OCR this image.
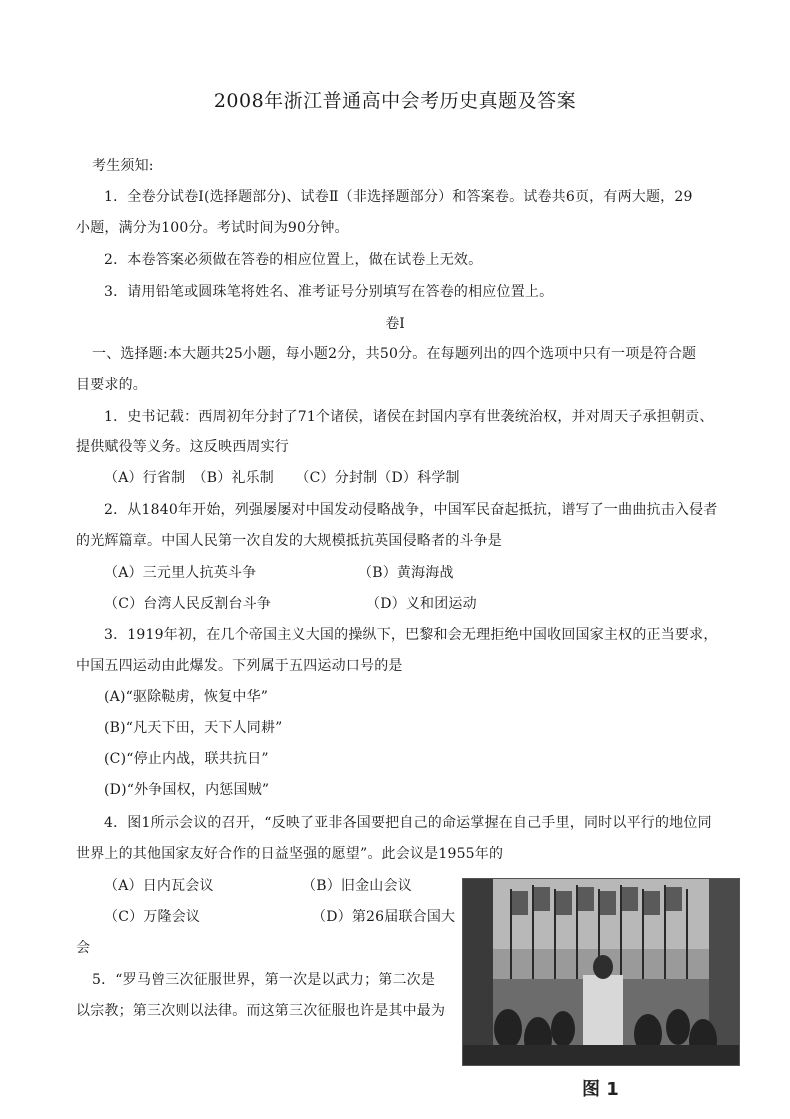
2008年浙江普通高中会考历史真题及答案
考生须知:
1．全卷分试卷Ⅰ(选择题部分)、试卷Ⅱ（非选择题部分）和答案卷。试卷共6页，有两大题，29
小题，满分为100分。考试时间为90分钟。
2．本卷答案必须做在答卷的相应位置上，做在试卷上无效。
3．请用铅笔或圆珠笔将姓名、准考证号分别填写在答卷的相应位置上。
卷Ⅰ
一、选择题:本大题共25小题，每小题2分，共50分。在每题列出的四个选项中只有一项是符合题
目要求的。
1．史书记载：西周初年分封了71个诸侯，诸侯在封国内享有世袭统治权，并对周天子承担朝贡、
提供赋役等义务。这反映西周实行
（A）行省制　（B）礼乐制　　（C）分封制（D）科学制
2．从1840年开始，列强屡屡对中国发动侵略战争，中国军民奋起抵抗，谱写了一曲曲抗击入侵者
的光辉篇章。中国人民第一次自发的大规模抵抗英国侵略者的斗争是
（A）三元里人抗英斗争	（B）黄海海战
（C）台湾人民反割台斗争	（D）义和团运动
3．1919年初，在几个帝国主义大国的操纵下，巴黎和会无理拒绝中国收回国家主权的正当要求，
中国五四运动由此爆发。下列属于五四运动口号的是
(A)“驱除鞑虏，恢复中华”
(B)“凡天下田，天下人同耕”
(C)“停止内战，联共抗日”
(D)“外争国权，内惩国贼”
4．图1所示会议的召开，“反映了亚非各国要把自己的命运掌握在自己手里，同时以平行的地位同
世界上的其他国家友好合作的日益坚强的愿望”。此会议是1955年的
（A）日内瓦会议	（B）旧金山会议
（C）万隆会议	（D）第26届联合国大
会
5．“罗马曾三次征服世界，第一次是以武力；第二次是
以宗教；第三次则以法律。而这第三次征服也许是其中最为
图 1
